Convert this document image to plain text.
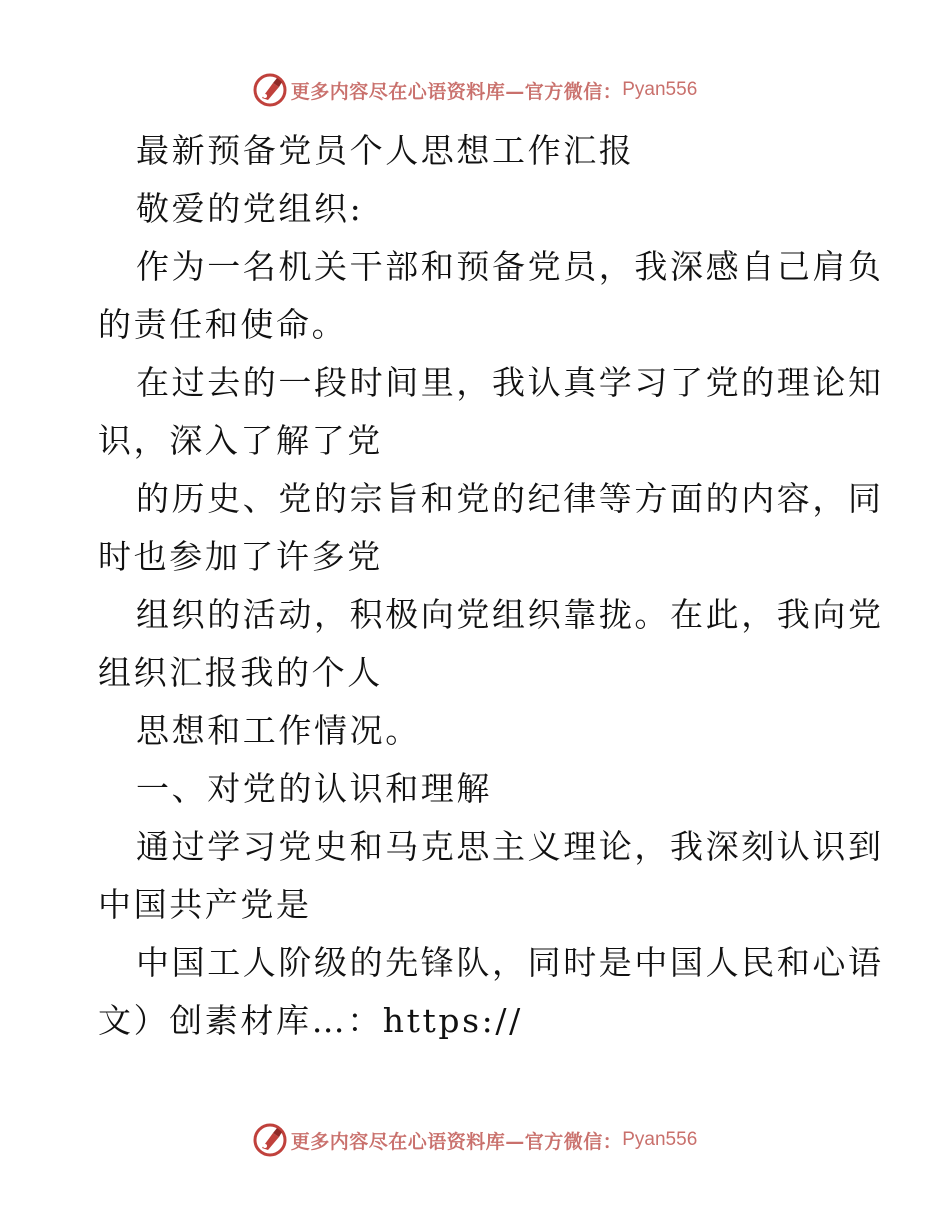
更多内容尽在心语资料库—官方微信： Pyan556
最新预备党员个人思想工作汇报
敬爱的党组织:
作为一名机关干部和预备党员，我深感自己肩负
的责任和使命。
在过去的一段时间里，我认真学习了党的理论知
识，深入了解了党
的历史、党的宗旨和党的纪律等方面的内容，同
时也参加了许多党
组织的活动，积极向党组织靠拢。在此，我向党
组织汇报我的个人
思想和工作情况。
一、对党的认识和理解
通过学习党史和马克思主义理论，我深刻认识到
中国共产党是
中国工人阶级的先锋队，同时是中国人民和心语
文）创素材库…：https://
更多内容尽在心语资料库—官方微信： Pyan556
